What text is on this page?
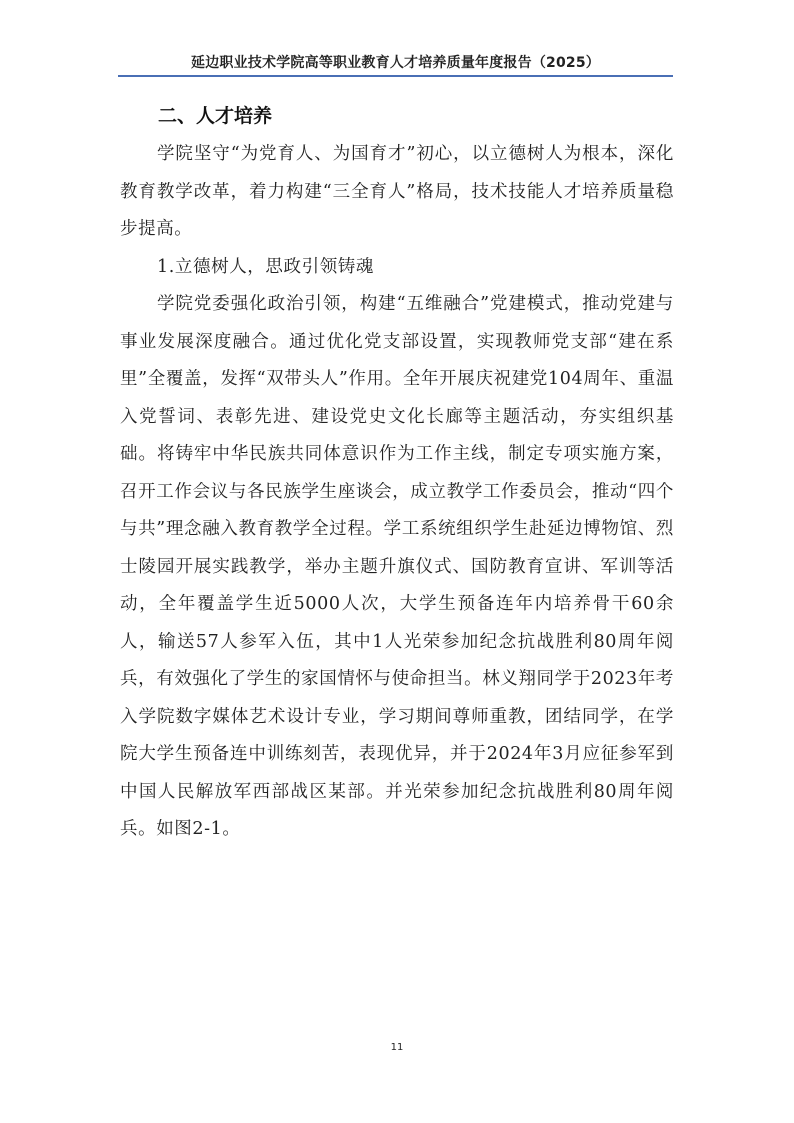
延边职业技术学院高等职业教育人才培养质量年度报告（2025）
二、人才培养

学院坚守“为党育人、为国育才”初心，以立德树人为根本，深化教育教学改革，着力构建“三全育人”格局，技术技能人才培养质量稳步提高。

1.立德树人，思政引领铸魂

学院党委强化政治引领，构建“五维融合”党建模式，推动党建与事业发展深度融合。通过优化党支部设置，实现教师党支部“建在系里”全覆盖，发挥“双带头人”作用。全年开展庆祝建党104周年、重温入党誓词、表彰先进、建设党史文化长廊等主题活动，夯实组织基础。将铸牢中华民族共同体意识作为工作主线，制定专项实施方案，召开工作会议与各民族学生座谈会，成立教学工作委员会，推动“四个与共”理念融入教育教学全过程。学工系统组织学生赴延边博物馆、烈士陵园开展实践教学，举办主题升旗仪式、国防教育宣讲、军训等活动，全年覆盖学生近5000人次，大学生预备连年内培养骨干60余人，输送57人参军入伍，其中1人光荣参加纪念抗战胜利80周年阅兵，有效强化了学生的家国情怀与使命担当。林义翔同学于2023年考入学院数字媒体艺术设计专业，学习期间尊师重教，团结同学，在学院大学生预备连中训练刻苦，表现优异，并于2024年3月应征参军到中国人民解放军西部战区某部。并光荣参加纪念抗战胜利80周年阅兵。如图2-1。

11
